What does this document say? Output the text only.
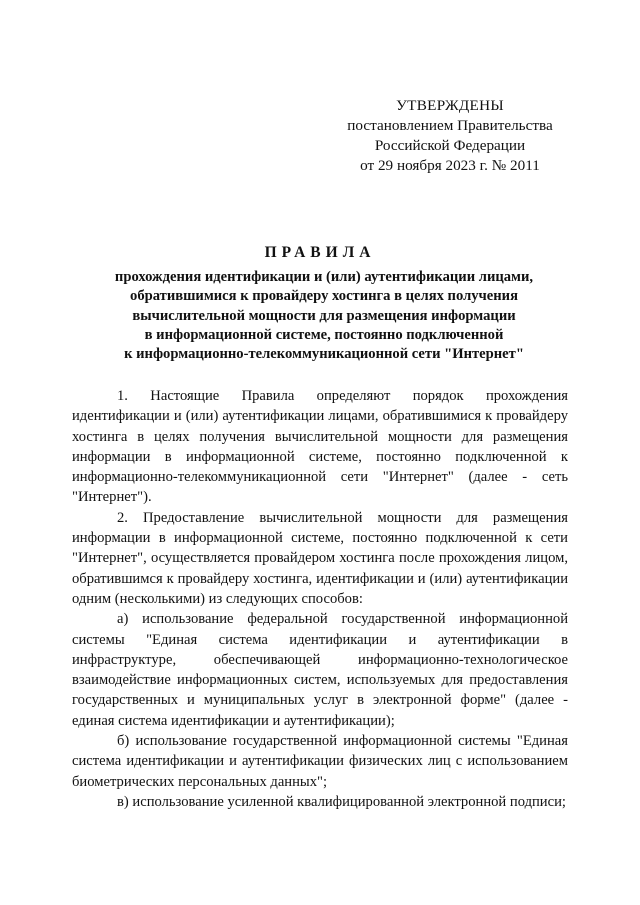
УТВЕРЖДЕНЫ
постановлением Правительства
Российской Федерации
от 29 ноября 2023 г. № 2011
ПРАВИЛА
прохождения идентификации и (или) аутентификации лицами,
обратившимися к провайдеру хостинга в целях получения
вычислительной мощности для размещения информации
в информационной системе, постоянно подключенной
к информационно-телекоммуникационной сети "Интернет"

1. Настоящие Правила определяют порядок прохождения идентификации и (или) аутентификации лицами, обратившимися к провайдеру хостинга в целях получения вычислительной мощности для размещения информации в информационной системе, постоянно подключенной к информационно-телекоммуникационной сети "Интернет" (далее - сеть "Интернет").

2. Предоставление вычислительной мощности для размещения информации в информационной системе, постоянно подключенной к сети "Интернет", осуществляется провайдером хостинга после прохождения лицом, обратившимся к провайдеру хостинга, идентификации и (или) аутентификации одним (несколькими) из следующих способов:

а) использование федеральной государственной информационной системы "Единая система идентификации и аутентификации в инфраструктуре, обеспечивающей информационно-технологическое взаимодействие информационных систем, используемых для предоставления государственных и муниципальных услуг в электронной форме" (далее - единая система идентификации и аутентификации);

б) использование государственной информационной системы "Единая система идентификации и аутентификации физических лиц с использованием биометрических персональных данных";

в) использование усиленной квалифицированной электронной подписи;
